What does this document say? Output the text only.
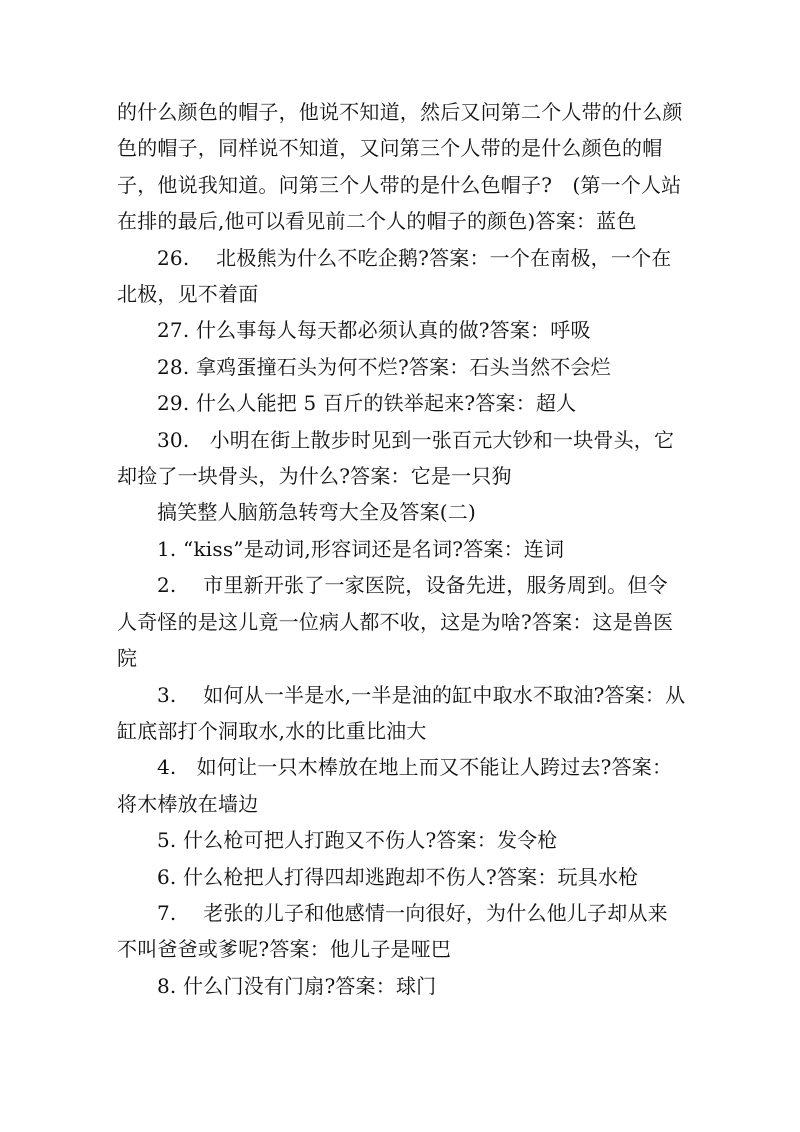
的什么颜色的帽子，他说不知道，然后又问第二个人带的什么颜色的帽子，同样说不知道，又问第三个人带的是什么颜色的帽子，他说我知道。问第三个人带的是什么色帽子?　(第一个人站在排的最后,他可以看见前二个人的帽子的颜色)答案：蓝色

26.　 北极熊为什么不吃企鹅?答案：一个在南极，一个在北极，见不着面

27. 什么事每人每天都必须认真的做?答案：呼吸

28. 拿鸡蛋撞石头为何不烂?答案：石头当然不会烂

29. 什么人能把 5 百斤的铁举起来?答案：超人

30.　小明在街上散步时见到一张百元大钞和一块骨头，它却捡了一块骨头，为什么?答案：它是一只狗

搞笑整人脑筋急转弯大全及答案(二)

1. “kiss”是动词,形容词还是名词?答案：连词

2.　 市里新开张了一家医院，设备先进，服务周到。但令人奇怪的是这儿竟一位病人都不收，这是为啥?答案：这是兽医院

3.　 如何从一半是水,一半是油的缸中取水不取油?答案：从缸底部打个洞取水,水的比重比油大

4.　如何让一只木棒放在地上而又不能让人跨过去?答案：将木棒放在墙边

5. 什么枪可把人打跑又不伤人?答案：发令枪

6. 什么枪把人打得四却逃跑却不伤人?答案：玩具水枪

7.　 老张的儿子和他感情一向很好，为什么他儿子却从来不叫爸爸或爹呢?答案：他儿子是哑巴

8. 什么门没有门扇?答案：球门
